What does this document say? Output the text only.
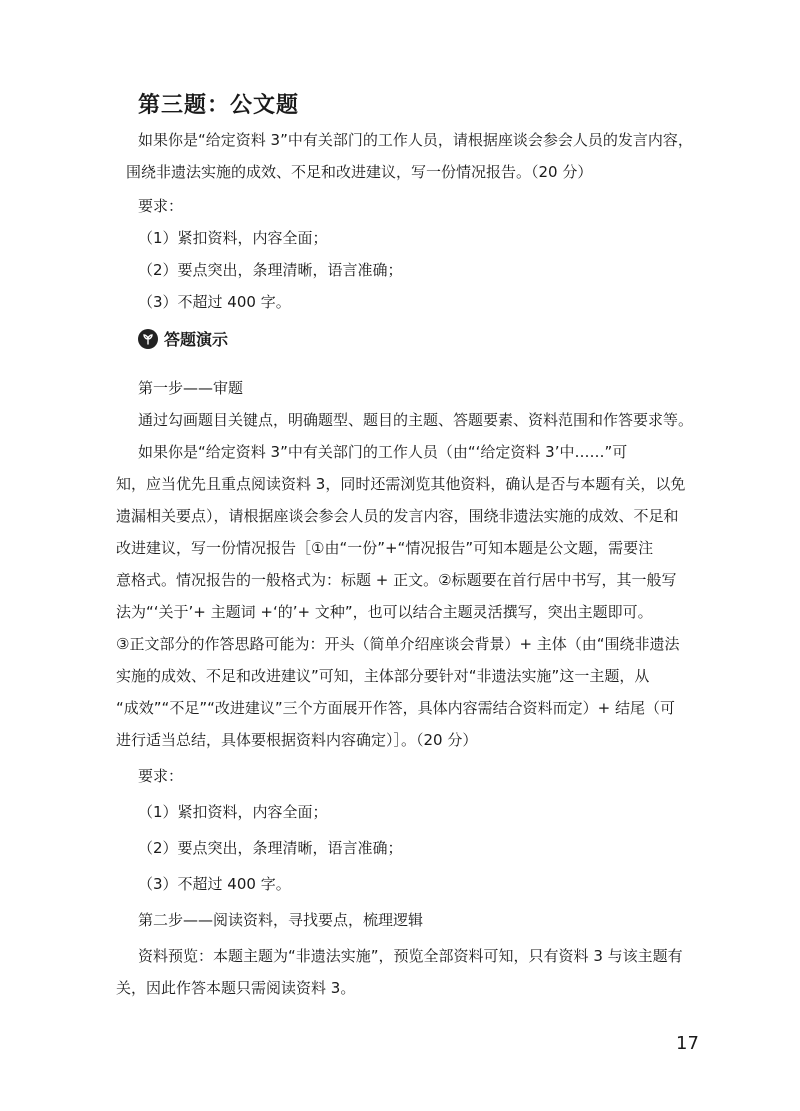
第三题：公文题
如果你是“给定资料 3”中有关部门的工作人员，请根据座谈会参会人员的发言内容，
围绕非遗法实施的成效、不足和改进建议，写一份情况报告。（20 分）
要求：
（1）紧扣资料，内容全面；
（2）要点突出，条理清晰，语言准确；
（3）不超过 400 字。
答题演示
第一步——审题
通过勾画题目关键点，明确题型、题目的主题、答题要素、资料范围和作答要求等。
如果你是“给定资料 3”中有关部门的工作人员（由“‘给定资料 3’中……”可
知，应当优先且重点阅读资料 3，同时还需浏览其他资料，确认是否与本题有关，以免
遗漏相关要点），请根据座谈会参会人员的发言内容，围绕非遗法实施的成效、不足和
改进建议，写一份情况报告［①由“一份”+“情况报告”可知本题是公文题，需要注
意格式。情况报告的一般格式为：标题 + 正文。②标题要在首行居中书写，其一般写
法为“‘关于’+ 主题词 +‘的’+ 文种”，也可以结合主题灵活撰写，突出主题即可。
③正文部分的作答思路可能为：开头（简单介绍座谈会背景）+ 主体（由“围绕非遗法
实施的成效、不足和改进建议”可知，主体部分要针对“非遗法实施”这一主题，从
“成效”“不足”“改进建议”三个方面展开作答，具体内容需结合资料而定）+ 结尾（可
进行适当总结，具体要根据资料内容确定）］。（20 分）
要求：
（1）紧扣资料，内容全面；
（2）要点突出，条理清晰，语言准确；
（3）不超过 400 字。
第二步——阅读资料，寻找要点，梳理逻辑
资料预览：本题主题为“非遗法实施”，预览全部资料可知，只有资料 3 与该主题有
关，因此作答本题只需阅读资料 3。
17
